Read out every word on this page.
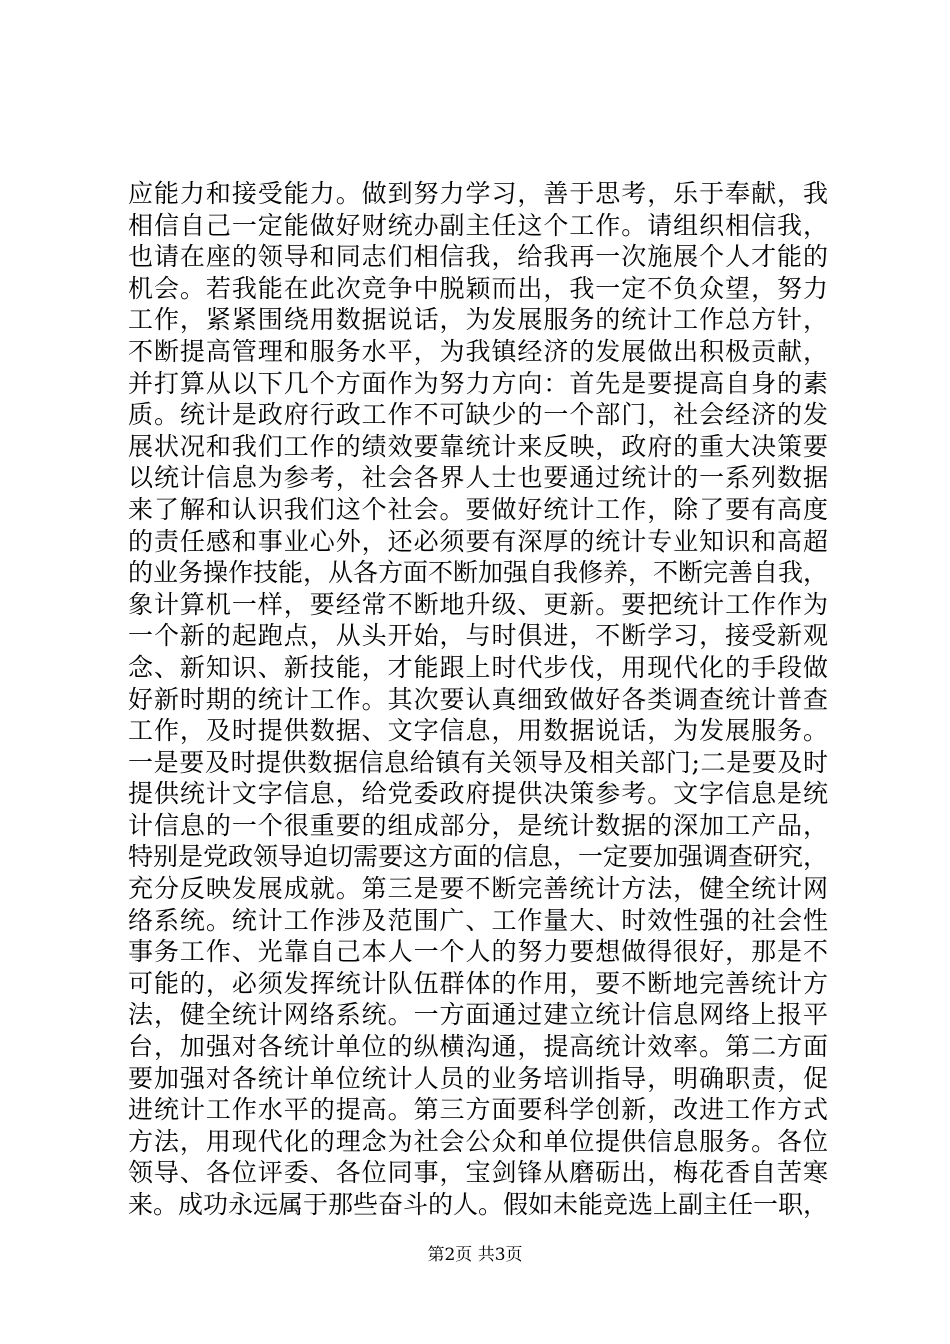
应能力和接受能力。做到努力学习，善于思考，乐于奉献，我
相信自己一定能做好财统办副主任这个工作。请组织相信我，
也请在座的领导和同志们相信我，给我再一次施展个人才能的
机会。若我能在此次竞争中脱颖而出，我一定不负众望，努力
工作，紧紧围绕用数据说话，为发展服务的统计工作总方针，
不断提高管理和服务水平，为我镇经济的发展做出积极贡献，
并打算从以下几个方面作为努力方向：首先是要提高自身的素
质。统计是政府行政工作不可缺少的一个部门，社会经济的发
展状况和我们工作的绩效要靠统计来反映，政府的重大决策要
以统计信息为参考，社会各界人士也要通过统计的一系列数据
来了解和认识我们这个社会。要做好统计工作，除了要有高度
的责任感和事业心外，还必须要有深厚的统计专业知识和高超
的业务操作技能，从各方面不断加强自我修养，不断完善自我，
象计算机一样，要经常不断地升级、更新。要把统计工作作为
一个新的起跑点，从头开始，与时俱进，不断学习，接受新观
念、新知识、新技能，才能跟上时代步伐，用现代化的手段做
好新时期的统计工作。其次要认真细致做好各类调查统计普查
工作，及时提供数据、文字信息，用数据说话，为发展服务。
一是要及时提供数据信息给镇有关领导及相关部门;二是要及时
提供统计文字信息，给党委政府提供决策参考。文字信息是统
计信息的一个很重要的组成部分，是统计数据的深加工产品，
特别是党政领导迫切需要这方面的信息，一定要加强调查研究，
充分反映发展成就。第三是要不断完善统计方法，健全统计网
络系统。统计工作涉及范围广、工作量大、时效性强的社会性
事务工作、光靠自己本人一个人的努力要想做得很好，那是不
可能的，必须发挥统计队伍群体的作用，要不断地完善统计方
法，健全统计网络系统。一方面通过建立统计信息网络上报平
台，加强对各统计单位的纵横沟通，提高统计效率。第二方面
要加强对各统计单位统计人员的业务培训指导，明确职责，促
进统计工作水平的提高。第三方面要科学创新，改进工作方式
方法，用现代化的理念为社会公众和单位提供信息服务。各位
领导、各位评委、各位同事，宝剑锋从磨砺出，梅花香自苦寒
来。成功永远属于那些奋斗的人。假如未能竞选上副主任一职，
第2页 共3页
